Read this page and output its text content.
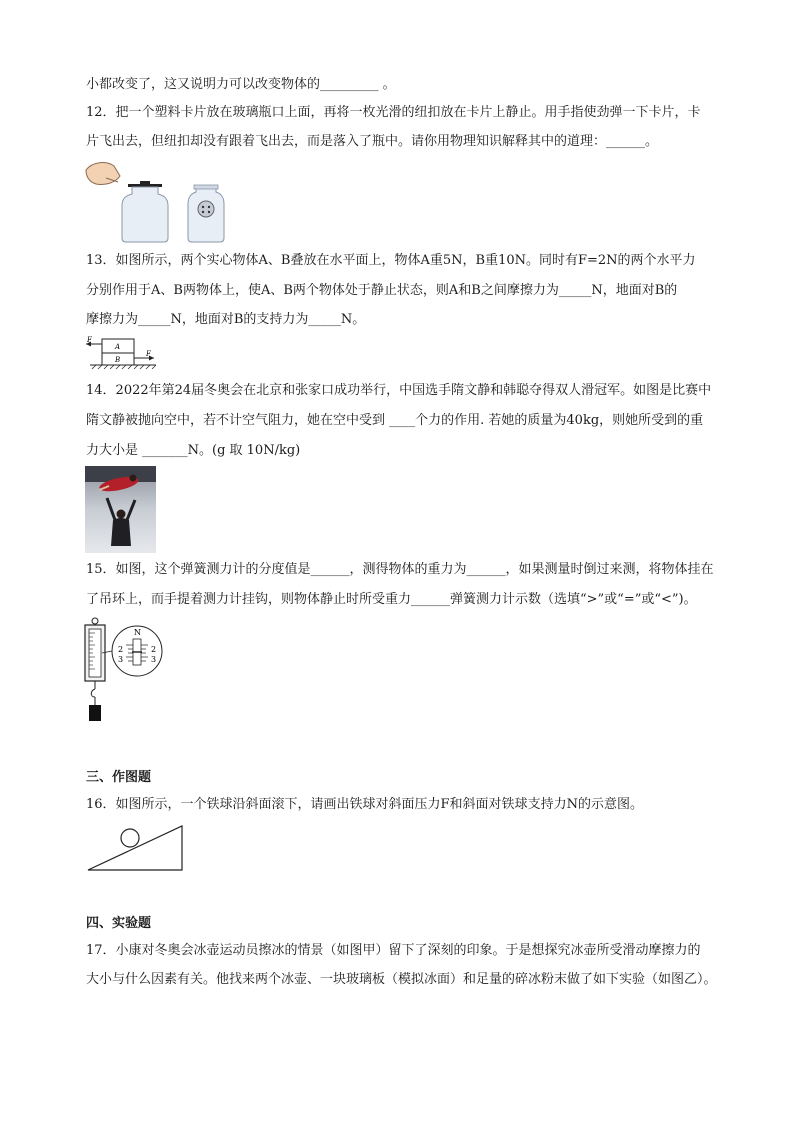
小都改变了，这又说明力可以改变物体的_________ 。
12．把一个塑料卡片放在玻璃瓶口上面，再将一枚光滑的纽扣放在卡片上静止。用手指使劲弹一下卡片，卡
片飞出去，但纽扣却没有跟着飞出去，而是落入了瓶中。请你用物理知识解释其中的道理：______。
13．如图所示，两个实心物体A、B叠放在水平面上，物体A重5N，B重10N。同时有F=2N的两个水平力
分别作用于A、B两物体上，使A、B两个物体处于静止状态，则A和B之间摩擦力为_____N，地面对B的
摩擦力为_____N，地面对B的支持力为_____N。
F
A
B
F
14．2022年第24届冬奥会在北京和张家口成功举行，中国选手隋文静和韩聪夺得双人滑冠军。如图是比赛中
隋文静被抛向空中，若不计空气阻力，她在空中受到 ____个力的作用. 若她的质量为40kg，则她所受到的重
力大小是 _______N。(g 取 10N/kg)
15．如图，这个弹簧测力计的分度值是______，测得物体的重力为______，如果测量时倒过来测，将物体挂在
了吊环上，而手提着测力计挂钩，则物体静止时所受重力______弹簧测力计示数（选填“>”或“=”或“<”)。
N
2
3
2
3
三、作图题
16．如图所示，一个铁球沿斜面滚下，请画出铁球对斜面压力F和斜面对铁球支持力N的示意图。
四、实验题
17．小康对冬奥会冰壶运动员擦冰的情景（如图甲）留下了深刻的印象。于是想探究冰壶所受滑动摩擦力的
大小与什么因素有关。他找来两个冰壶、一块玻璃板（模拟冰面）和足量的碎冰粉末做了如下实验（如图乙）。
